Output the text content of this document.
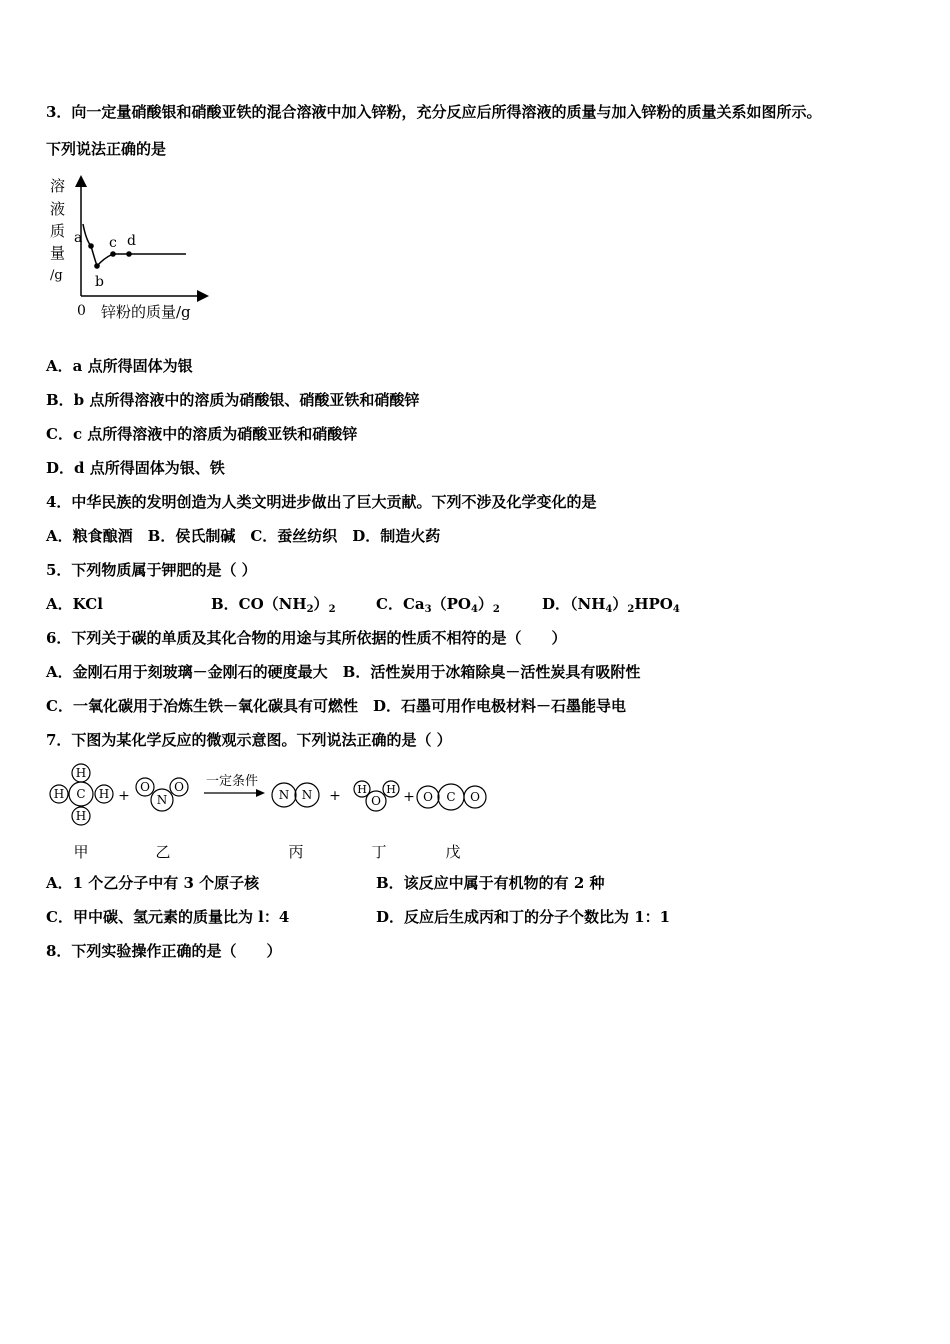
3．向一定量硝酸银和硝酸亚铁的混合溶液中加入锌粉，充分反应后所得溶液的质量与加入锌粉的质量关系如图所示。
下列说法正确的是
溶
液
质
量
/g
a
b
c d
0 锌粉的质量/g
A．a 点所得固体为银
B．b 点所得溶液中的溶质为硝酸银、硝酸亚铁和硝酸锌
C．c 点所得溶液中的溶质为硝酸亚铁和硝酸锌
D．d 点所得固体为银、铁
4．中华民族的发明创造为人类文明进步做出了巨大贡献。下列不涉及化学变化的是
A．粮食酿酒　B．侯氏制碱　C．蚕丝纺织　D．制造火药
5．下列物质属于钾肥的是（ ）
A．KCl	B．$CO(NH_2)_2$	C．$Ca_3(PO_4)_2$	D．$(NH_4)_2HPO_4$
6．下列关于碳的单质及其化合物的用途与其所依据的性质不相符的是（　　）
A．金刚石用于刻玻璃－金刚石的硬度最大　B．活性炭用于冰箱除臭－活性炭具有吸附性
C．一氧化碳用于冶炼生铁－氧化碳具有可燃性　D．石墨可用作电极材料－石墨能导电
7．下图为某化学反应的微观示意图。下列说法正确的是（ ）
H
H C H
H
+
O
N
O 一定条件
N N + H
O
H + O C O
甲	乙	丙	丁	戊
A．1 个乙分子中有 3 个原子核	B．该反应中属于有机物的有 2 种
C．甲中碳、氢元素的质量比为 l：4	D．反应后生成丙和丁的分子个数比为 1：1
8．下列实验操作正确的是（　　）
